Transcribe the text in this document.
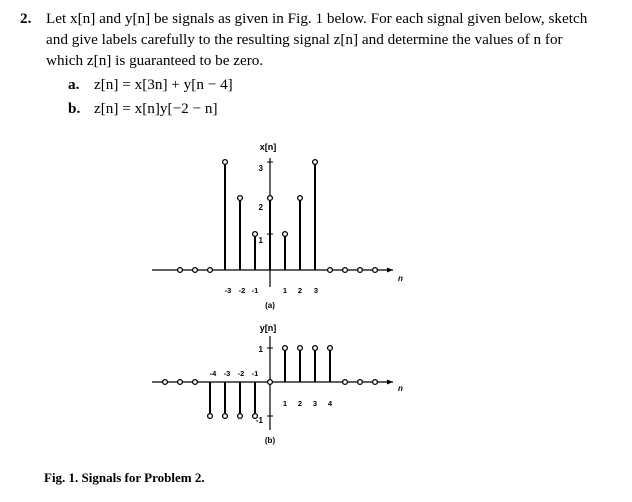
2. Let x[n] and y[n] be signals as given in Fig. 1 below. For each signal given below, sketch
and give labels carefully to the resulting signal z[n] and determine the values of n for
which z[n] is guaranteed to be zero.
a. z[n] = x[3n] + y[n − 4]
b. z[n] = x[n]y[−2 − n]
x[n]
n
3
2
1
-3 -2 -1	1 2 3
(a)
y[n]
n
1
-1
-4 -3 -2 -1
1 2 3 4
(b)
Fig. 1. Signals for Problem 2.
